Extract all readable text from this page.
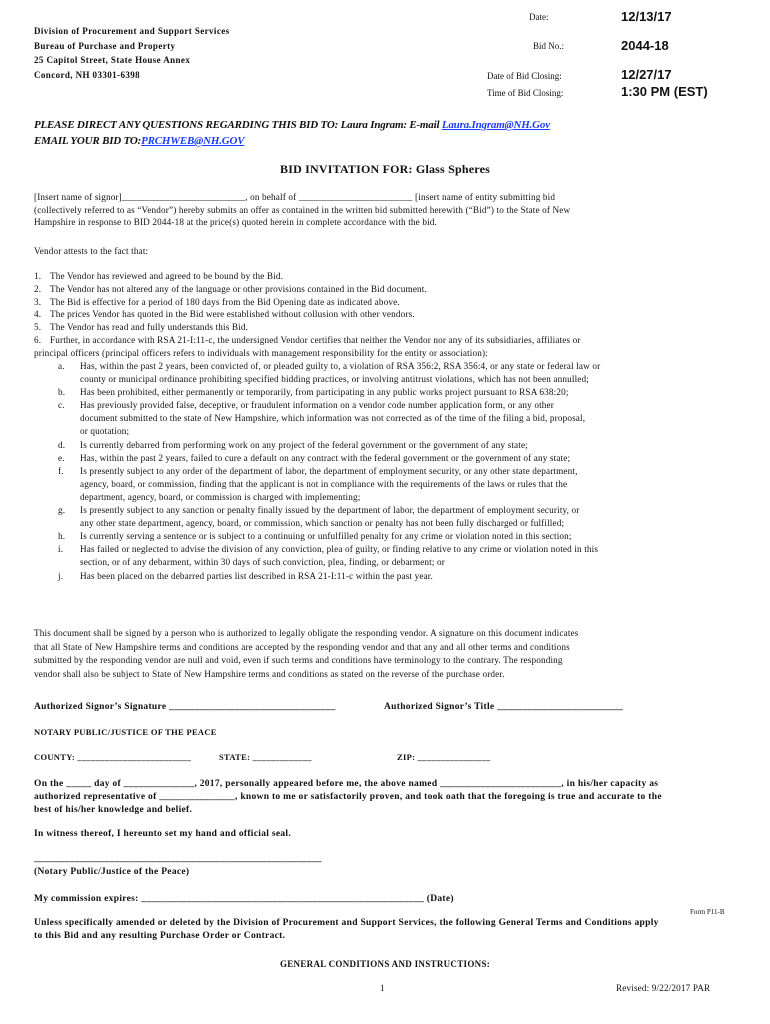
Date:	12/13/17
Bid No.:	2044-18
Date of Bid Closing:	12/27/17
Time of Bid Closing:	1:30 PM (EST)
Division of Procurement and Support Services
Bureau of Purchase and Property
25 Capitol Street, State House Annex
Concord, NH 03301-6398
PLEASE DIRECT ANY QUESTIONS REGARDING THIS BID TO: Laura Ingram: E-mail Laura.Ingram@NH.Gov
EMAIL YOUR BID TO:PRCHWEB@NH.GOV
BID INVITATION FOR: Glass Spheres
[Insert name of signor]__________________________, on behalf of ________________________ [insert name of entity submitting bid
(collectively referred to as “Vendor”) hereby submits an offer as contained in the written bid submitted herewith (“Bid”) to the State of New
Hampshire in response to BID 2044-18 at the price(s) quoted herein in complete accordance with the bid.
Vendor attests to the fact that:
1. The Vendor has reviewed and agreed to be bound by the Bid.
2. The Vendor has not altered any of the language or other provisions contained in the Bid document.
3. The Bid is effective for a period of 180 days from the Bid Opening date as indicated above.
4. The prices Vendor has quoted in the Bid were established without collusion with other vendors.
5. The Vendor has read and fully understands this Bid.
6. Further, in accordance with RSA 21-I:11-c, the undersigned Vendor certifies that neither the Vendor nor any of its subsidiaries, affiliates or
principal officers (principal officers refers to individuals with management responsibility for the entity or association):
a. Has, within the past 2 years, been convicted of, or pleaded guilty to, a violation of RSA 356:2, RSA 356:4, or any state or federal law or
county or municipal ordinance prohibiting specified bidding practices, or involving antitrust violations, which has not been annulled;
b. Has been prohibited, either permanently or temporarily, from participating in any public works project pursuant to RSA 638:20;
c. Has previously provided false, deceptive, or fraudulent information on a vendor code number application form, or any other
document submitted to the state of New Hampshire, which information was not corrected as of the time of the filing a bid, proposal,
or quotation;
d. Is currently debarred from performing work on any project of the federal government or the government of any state;
e. Has, within the past 2 years, failed to cure a default on any contract with the federal government or the government of any state;
f. Is presently subject to any order of the department of labor, the department of employment security, or any other state department,
agency, board, or commission, finding that the applicant is not in compliance with the requirements of the laws or rules that the
department, agency, board, or commission is charged with implementing;
g. Is presently subject to any sanction or penalty finally issued by the department of labor, the department of employment security, or
any other state department, agency, board, or commission, which sanction or penalty has not been fully discharged or fulfilled;
h. Is currently serving a sentence or is subject to a continuing or unfulfilled penalty for any crime or violation noted in this section;
i. Has failed or neglected to advise the division of any conviction, plea of guilty, or finding relative to any crime or violation noted in this
section, or of any debarment, within 30 days of such conviction, plea, finding, or debarment; or
j. Has been placed on the debarred parties list described in RSA 21-I:11-c within the past year.
This document shall be signed by a person who is authorized to legally obligate the responding vendor. A signature on this document indicates
that all State of New Hampshire terms and conditions are accepted by the responding vendor and that any and all other terms and conditions
submitted by the responding vendor are null and void, even if such terms and conditions have terminology to the contrary. The responding
vendor shall also be subject to State of New Hampshire terms and conditions as stated on the reverse of the purchase order.
Authorized Signor’s Signature _________________________________	Authorized Signor’s Title _________________________
NOTARY PUBLIC/JUSTICE OF THE PEACE
COUNTY: _________________________	STATE: _____________	ZIP: ________________
On the _____ day of ______________, 2017, personally appeared before me, the above named ________________________, in his/her capacity as
authorized representative of _______________, known to me or satisfactorily proven, and took oath that the foregoing is true and accurate to the
best of his/her knowledge and belief.
In witness thereof, I hereunto set my hand and official seal.
_________________________________________________________
(Notary Public/Justice of the Peace)
My commission expires: ________________________________________________________ (Date)
Form P11-B
Unless specifically amended or deleted by the Division of Procurement and Support Services, the following General Terms and Conditions apply
to this Bid and any resulting Purchase Order or Contract.
GENERAL CONDITIONS AND INSTRUCTIONS:
1	Revised: 9/22/2017 PAR
